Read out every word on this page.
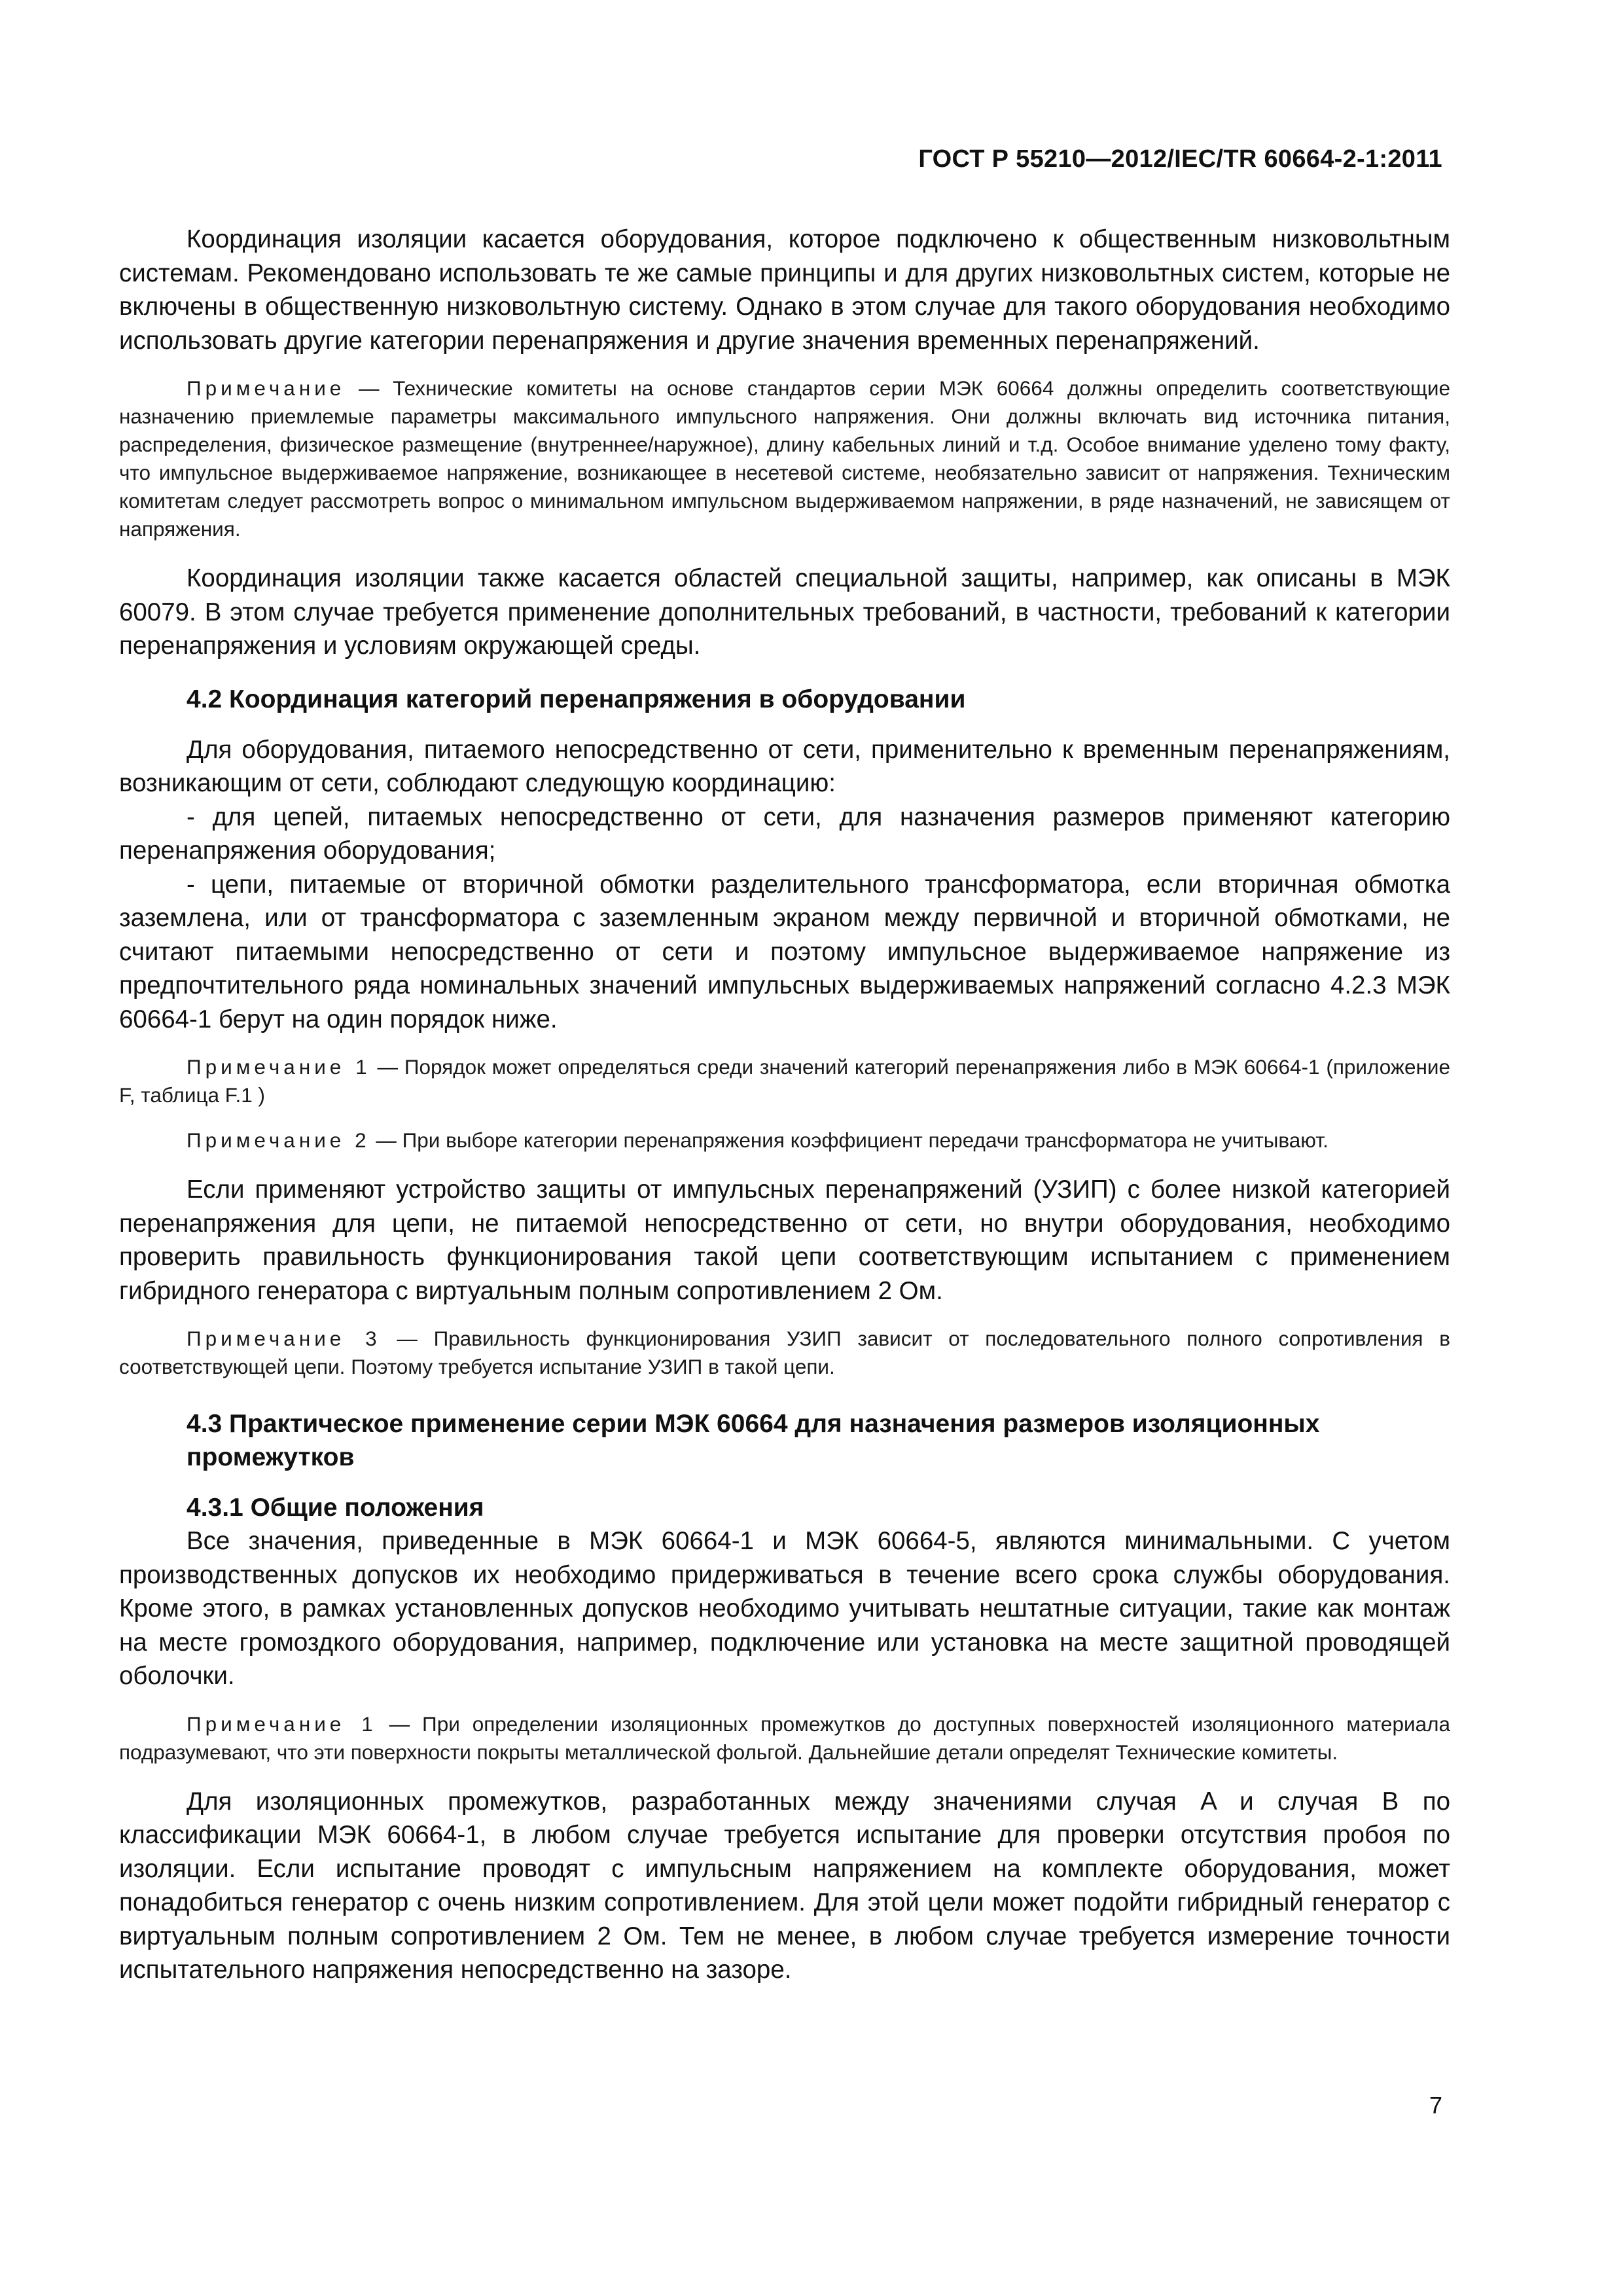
ГОСТ Р 55210—2012/IEC/TR 60664-2-1:2011

Координация изоляции касается оборудования, которое подключено к общественным низковольтным системам. Рекомендовано использовать те же самые принципы и для других низковольтных систем, которые не включены в общественную низковольтную систему. Однако в этом случае для такого оборудования необходимо использовать другие категории перенапряжения и другие значения временных перенапряжений.

Примечание — Технические комитеты на основе стандартов серии МЭК 60664 должны определить соответствующие назначению приемлемые параметры максимального импульсного напряжения. Они должны включать вид источника питания, распределения, физическое размещение (внутреннее/наружное), длину кабельных линий и т.д. Особое внимание уделено тому факту, что импульсное выдерживаемое напряжение, возникающее в несетевой системе, необязательно зависит от напряжения. Техническим комитетам следует рассмотреть вопрос о минимальном импульсном выдерживаемом напряжении, в ряде назначений, не зависящем от напряжения.

Координация изоляции также касается областей специальной защиты, например, как описаны в МЭК 60079. В этом случае требуется применение дополнительных требований, в частности, требований к категории перенапряжения и условиям окружающей среды.

4.2 Координация категорий перенапряжения в оборудовании

Для оборудования, питаемого непосредственно от сети, применительно к временным перенапряжениям, возникающим от сети, соблюдают следующую координацию:

- для цепей, питаемых непосредственно от сети, для назначения размеров применяют категорию перенапряжения оборудования;

- цепи, питаемые от вторичной обмотки разделительного трансформатора, если вторичная обмотка заземлена, или от трансформатора с заземленным экраном между первичной и вторичной обмотками, не считают питаемыми непосредственно от сети и поэтому импульсное выдерживаемое напряжение из предпочтительного ряда номинальных значений импульсных выдерживаемых напряжений согласно 4.2.3 МЭК 60664-1 берут на один порядок ниже.

Примечание 1 — Порядок может определяться среди значений категорий перенапряжения либо в МЭК 60664-1 (приложение F, таблица F.1 )

Примечание 2 — При выборе категории перенапряжения коэффициент передачи трансформатора не учитывают.

Если применяют устройство защиты от импульсных перенапряжений (УЗИП) с более низкой категорией перенапряжения для цепи, не питаемой непосредственно от сети, но внутри оборудования, необходимо проверить правильность функционирования такой цепи соответствующим испытанием с применением гибридного генератора с виртуальным полным сопротивлением 2 Ом.

Примечание 3 — Правильность функционирования УЗИП зависит от последовательного полного сопротивления в соответствующей цепи. Поэтому требуется испытание УЗИП в такой цепи.

4.3 Практическое применение серии МЭК 60664 для назначения размеров изоляционных промежутков

4.3.1 Общие положения

Все значения, приведенные в МЭК 60664-1 и МЭК 60664-5, являются минимальными. С учетом производственных допусков их необходимо придерживаться в течение всего срока службы оборудования. Кроме этого, в рамках установленных допусков необходимо учитывать нештатные ситуации, такие как монтаж на месте громоздкого оборудования, например, подключение или установка на месте защитной проводящей оболочки.

Примечание 1 — При определении изоляционных промежутков до доступных поверхностей изоляционного материала подразумевают, что эти поверхности покрыты металлической фольгой. Дальнейшие детали определят Технические комитеты.

Для изоляционных промежутков, разработанных между значениями случая A и случая B по классификации МЭК 60664-1, в любом случае требуется испытание для проверки отсутствия пробоя по изоляции. Если испытание проводят с импульсным напряжением на комплекте оборудования, может понадобиться генератор с очень низким сопротивлением. Для этой цели может подойти гибридный генератор с виртуальным полным сопротивлением 2 Ом. Тем не менее, в любом случае требуется измерение точности испытательного напряжения непосредственно на зазоре.

7
